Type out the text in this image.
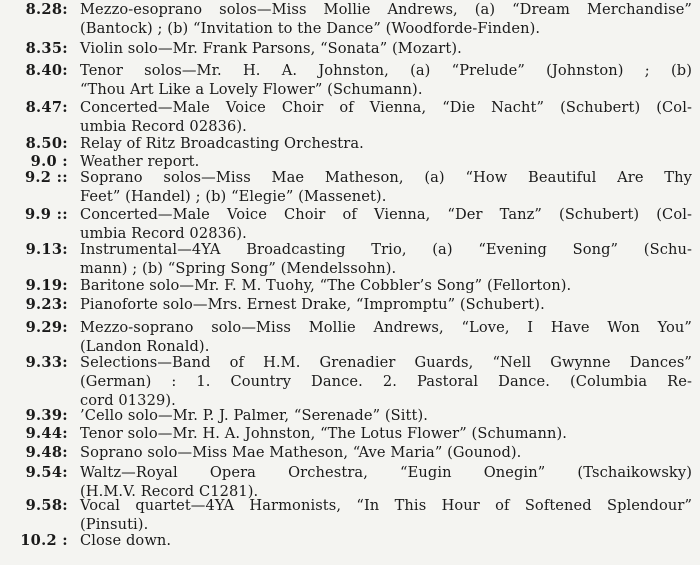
8.28: Mezzo-esoprano solos—Miss Mollie Andrews, (a) “Dream Merchandise”
(Bantock) ; (b) “Invitation to the Dance” (Woodforde-Finden).
8.35: Violin solo—Mr. Frank Parsons, “Sonata” (Mozart).
8.40: Tenor solos—Mr. H. A. Johnston, (a) “Prelude” (Johnston) ; (b)
“Thou Art Like a Lovely Flower” (Schumann).
8.47: Concerted—Male Voice Choir of Vienna, “Die Nacht” (Schubert) (Col-
umbia Record 02836).
8.50: Relay of Ritz Broadcasting Orchestra.
9.0 : Weather report.
9.2 :: Soprano solos—Miss Mae Matheson, (a) “How Beautiful Are Thy
Feet” (Handel) ; (b) “Elegie” (Massenet).
9.9 :: Concerted—Male Voice Choir of Vienna, “Der Tanz” (Schubert) (Col-
umbia Record 02836).
9.13: Instrumental—4YA Broadcasting Trio, (a) “Evening Song” (Schu-
mann) ; (b) “Spring Song” (Mendelssohn).
9.19: Baritone solo—Mr. F. M. Tuohy, “The Cobbler’s Song” (Fellorton).
9.23: Pianoforte solo—Mrs. Ernest Drake, “Impromptu” (Schubert).
9.29: Mezzo-soprano solo—Miss Mollie Andrews, “Love, I Have Won You”
(Landon Ronald).
9.33: Selections—Band of H.M. Grenadier Guards, “Nell Gwynne Dances”
(German) : 1. Country Dance. 2. Pastoral Dance. (Columbia Re-
cord 01329).
9.39: ’Cello solo—Mr. P. J. Palmer, “Serenade” (Sitt).
9.44: Tenor solo—Mr. H. A. Johnston, “The Lotus Flower” (Schumann).
9.48: Soprano solo—Miss Mae Matheson, “Ave Maria” (Gounod).
9.54: Waltz—Royal Opera Orchestra, “Eugin Onegin” (Tschaikowsky)
(H.M.V. Record C1281).
9.58: Vocal quartet—4YA Harmonists, “In This Hour of Softened Splendour”
(Pinsuti).
10.2 : Close down.
